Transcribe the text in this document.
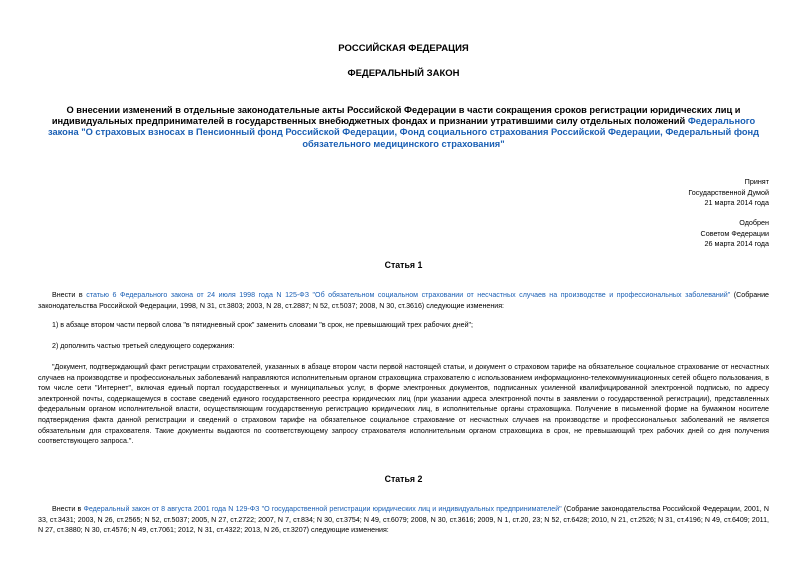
РОССИЙСКАЯ ФЕДЕРАЦИЯ
ФЕДЕРАЛЬНЫЙ ЗАКОН
О внесении изменений в отдельные законодательные акты Российской Федерации в части сокращения сроков регистрации юридических лиц и индивидуальных предпринимателей в государственных внебюджетных фондах и признании утратившими силу отдельных положений Федерального закона "О страховых взносах в Пенсионный фонд Российской Федерации, Фонд социального страхования Российской Федерации, Федеральный фонд обязательного медицинского страхования"
Принят
Государственной Думой
21 марта 2014 года
Одобрен
Советом Федерации
26 марта 2014 года
Статья 1
Внести в статью 6 Федерального закона от 24 июля 1998 года N 125-ФЗ "Об обязательном социальном страховании от несчастных случаев на производстве и профессиональных заболеваний" (Собрание законодательства Российской Федерации, 1998, N 31, ст.3803; 2003, N 28, ст.2887; N 52, ст.5037; 2008, N 30, ст.3616) следующие изменения:
1) в абзаце втором части первой слова "в пятидневный срок" заменить словами "в срок, не превышающий трех рабочих дней";
2) дополнить частью третьей следующего содержания:
"Документ, подтверждающий факт регистрации страхователей, указанных в абзаце втором части первой настоящей статьи, и документ о страховом тарифе на обязательное социальное страхование от несчастных случаев на производстве и профессиональных заболеваний направляются исполнительным органом страховщика страхователю с использованием информационно-телекоммуникационных сетей общего пользования, в том числе сети "Интернет", включая единый портал государственных и муниципальных услуг, в форме электронных документов, подписанных усиленной квалифицированной электронной подписью, по адресу электронной почты, содержащемуся в составе сведений единого государственного реестра юридических лиц (при указании адреса электронной почты в заявлении о государственной регистрации), представленных федеральным органом исполнительной власти, осуществляющим государственную регистрацию юридических лиц, в исполнительные органы страховщика. Получение в письменной форме на бумажном носителе подтверждения факта данной регистрации и сведений о страховом тарифе на обязательное социальное страхование от несчастных случаев на производстве и профессиональных заболеваний не является обязательным для страхователя. Такие документы выдаются по соответствующему запросу страхователя исполнительным органом страховщика в срок, не превышающий трех рабочих дней со дня получения соответствующего запроса.".
Статья 2
Внести в Федеральный закон от 8 августа 2001 года N 129-ФЗ "О государственной регистрации юридических лиц и индивидуальных предпринимателей" (Собрание законодательства Российской Федерации, 2001, N 33, ст.3431; 2003, N 26, ст.2565; N 52, ст.5037; 2005, N 27, ст.2722; 2007, N 7, ст.834; N 30, ст.3754; N 49, ст.6079; 2008, N 30, ст.3616; 2009, N 1, ст.20, 23; N 52, ст.6428; 2010, N 21, ст.2526; N 31, ст.4196; N 49, ст.6409; 2011, N 27, ст.3880; N 30, ст.4576; N 49, ст.7061; 2012, N 31, ст.4322; 2013, N 26, ст.3207) следующие изменения:
